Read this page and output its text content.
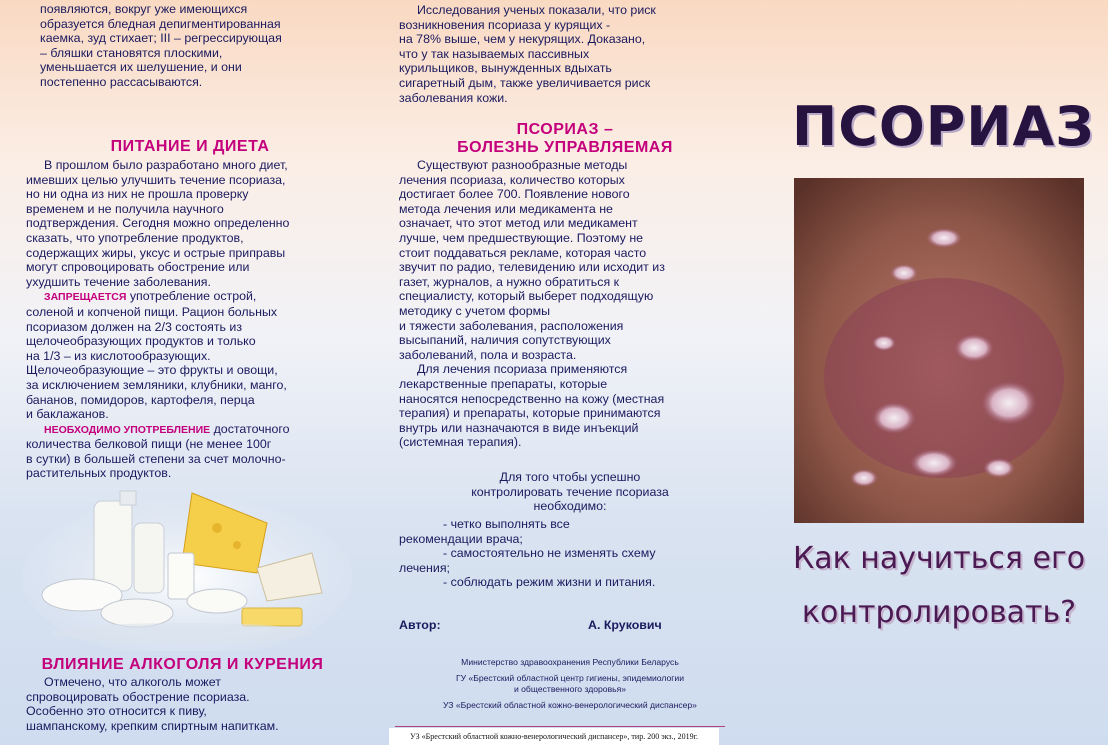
появляются, вокруг уже имеющихся

образуется бледная депигментированная

каемка, зуд стихает; III – регрессирующая

– бляшки становятся плоскими,

уменьшается их шелушение, и они

постепенно рассасываются.

ПИТАНИЕ И ДИЕТА

В прошлом было разработано много диет,

имевших целью улучшить течение псориаза,

но ни одна из них не прошла проверку

временем и не получила научного

подтверждения. Сегодня можно определенно

сказать, что употребление продуктов,

содержащих жиры, уксус и острые приправы

могут спровоцировать обострение или

ухудшить течение заболевания.

ЗАПРЕЩАЕТСЯ употребление острой,

соленой и копченой пищи. Рацион больных

псориазом должен на 2/3 состоять из

щелочеобразующих продуктов и только

на 1/3 – из кислотообразующих.

Щелочеобразующие – это фрукты и овощи,

за исключением земляники, клубники, манго,

бананов, помидоров, картофеля, перца

и баклажанов.

НЕОБХОДИМО УПОТРЕБЛЕНИЕ достаточного

количества белковой пищи (не менее 100г

в сутки) в большей степени за счет молочно-

растительных продуктов.

ВЛИЯНИЕ АЛКОГОЛЯ И КУРЕНИЯ

Отмечено, что алкоголь может

спровоцировать обострение псориаза.

Особенно это относится к пиву,

шампанскому, крепким спиртным напиткам.

Исследования ученых показали, что риск

возникновения псориаза у курящих -

на 78% выше, чем у некурящих. Доказано,

что у так называемых пассивных

курильщиков, вынужденных вдыхать

сигаретный дым, также увеличивается риск

заболевания кожи.

ПСОРИАЗ –
БОЛЕЗНЬ УПРАВЛЯЕМАЯ

Существуют разнообразные методы

лечения псориаза, количество которых

достигает более 700. Появление нового

метода лечения или медикамента не

означает, что этот метод или медикамент

лучше, чем предшествующие. Поэтому не

стоит поддаваться рекламе, которая часто

звучит по радио, телевидению или исходит из

газет, журналов, а нужно обратиться к

специалисту, который выберет подходящую

методику с учетом формы

и тяжести заболевания, расположения

высыпаний, наличия сопутствующих

заболеваний, пола и возраста.

Для лечения псориаза применяются

лекарственные препараты, которые

наносятся непосредственно на кожу (местная

терапия) и препараты, которые принимаются

внутрь или назначаются в виде инъекций

(системная терапия).

Для того чтобы успешно

контролировать течение псориаза

необходимо:

- четко выполнять все

рекомендации врача;

- самостоятельно не изменять схему

лечения;

- соблюдать режим жизни и питания.

Автор:	А. Крукович
Министерство здравоохранения Республики Беларусь
ГУ «Брестский областной центр гигиены, эпидемиологии
и общественного здоровья»
УЗ «Брестский областной кожно-венерологический диспансер»
УЗ «Брестский областной кожно-венерологический диспансер», тир. 200 экз., 2019г.
ПСОРИАЗ
Как научиться его
контролировать?
